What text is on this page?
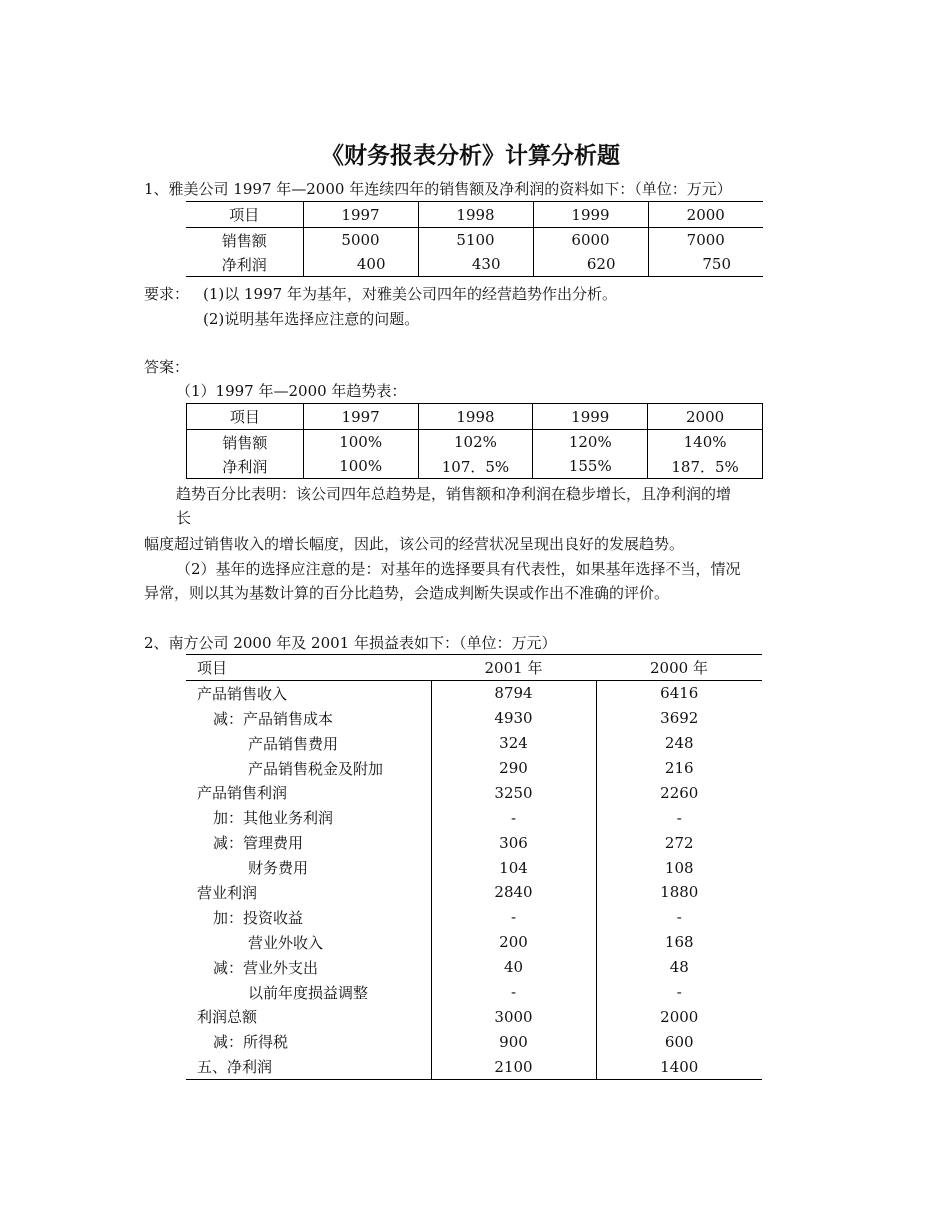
《财务报表分析》计算分析题
1、雅美公司 1997 年—2000 年连续四年的销售额及净利润的资料如下：（单位：万元）
项目	1997	1998	1999	2000
销售额	5000	5100	6000	7000
净利润	400	430	620	750
要求： (1)以 1997 年为基年，对雅美公司四年的经营趋势作出分析。
(2)说明基年选择应注意的问题。
答案：
（1）1997 年—2000 年趋势表：
项目	1997	1998	1999	2000
销售额	100%	102%	120%	140%
净利润	100%	107．5%	155%	187．5%
趋势百分比表明：该公司四年总趋势是，销售额和净利润在稳步增长，且净利润的增
长
幅度超过销售收入的增长幅度，因此，该公司的经营状况呈现出良好的发展趋势。
（2）基年的选择应注意的是：对基年的选择要具有代表性，如果基年选择不当，情况
异常，则以其为基数计算的百分比趋势，会造成判断失误或作出不准确的评价。
2、南方公司 2000 年及 2001 年损益表如下：（单位：万元）
项目	2001 年	2000 年
产品销售收入	8794	6416
减：产品销售成本	4930	3692
产品销售费用	324	248
产品销售税金及附加	290	216
产品销售利润	3250	2260
加：其他业务利润	-	-
减：管理费用	306	272
财务费用	104	108
营业利润	2840	1880
加：投资收益	-	-
营业外收入	200	168
减：营业外支出	40	48
以前年度损益调整	-	-
利润总额	3000	2000
减：所得税	900	600
五、净利润	2100	1400
